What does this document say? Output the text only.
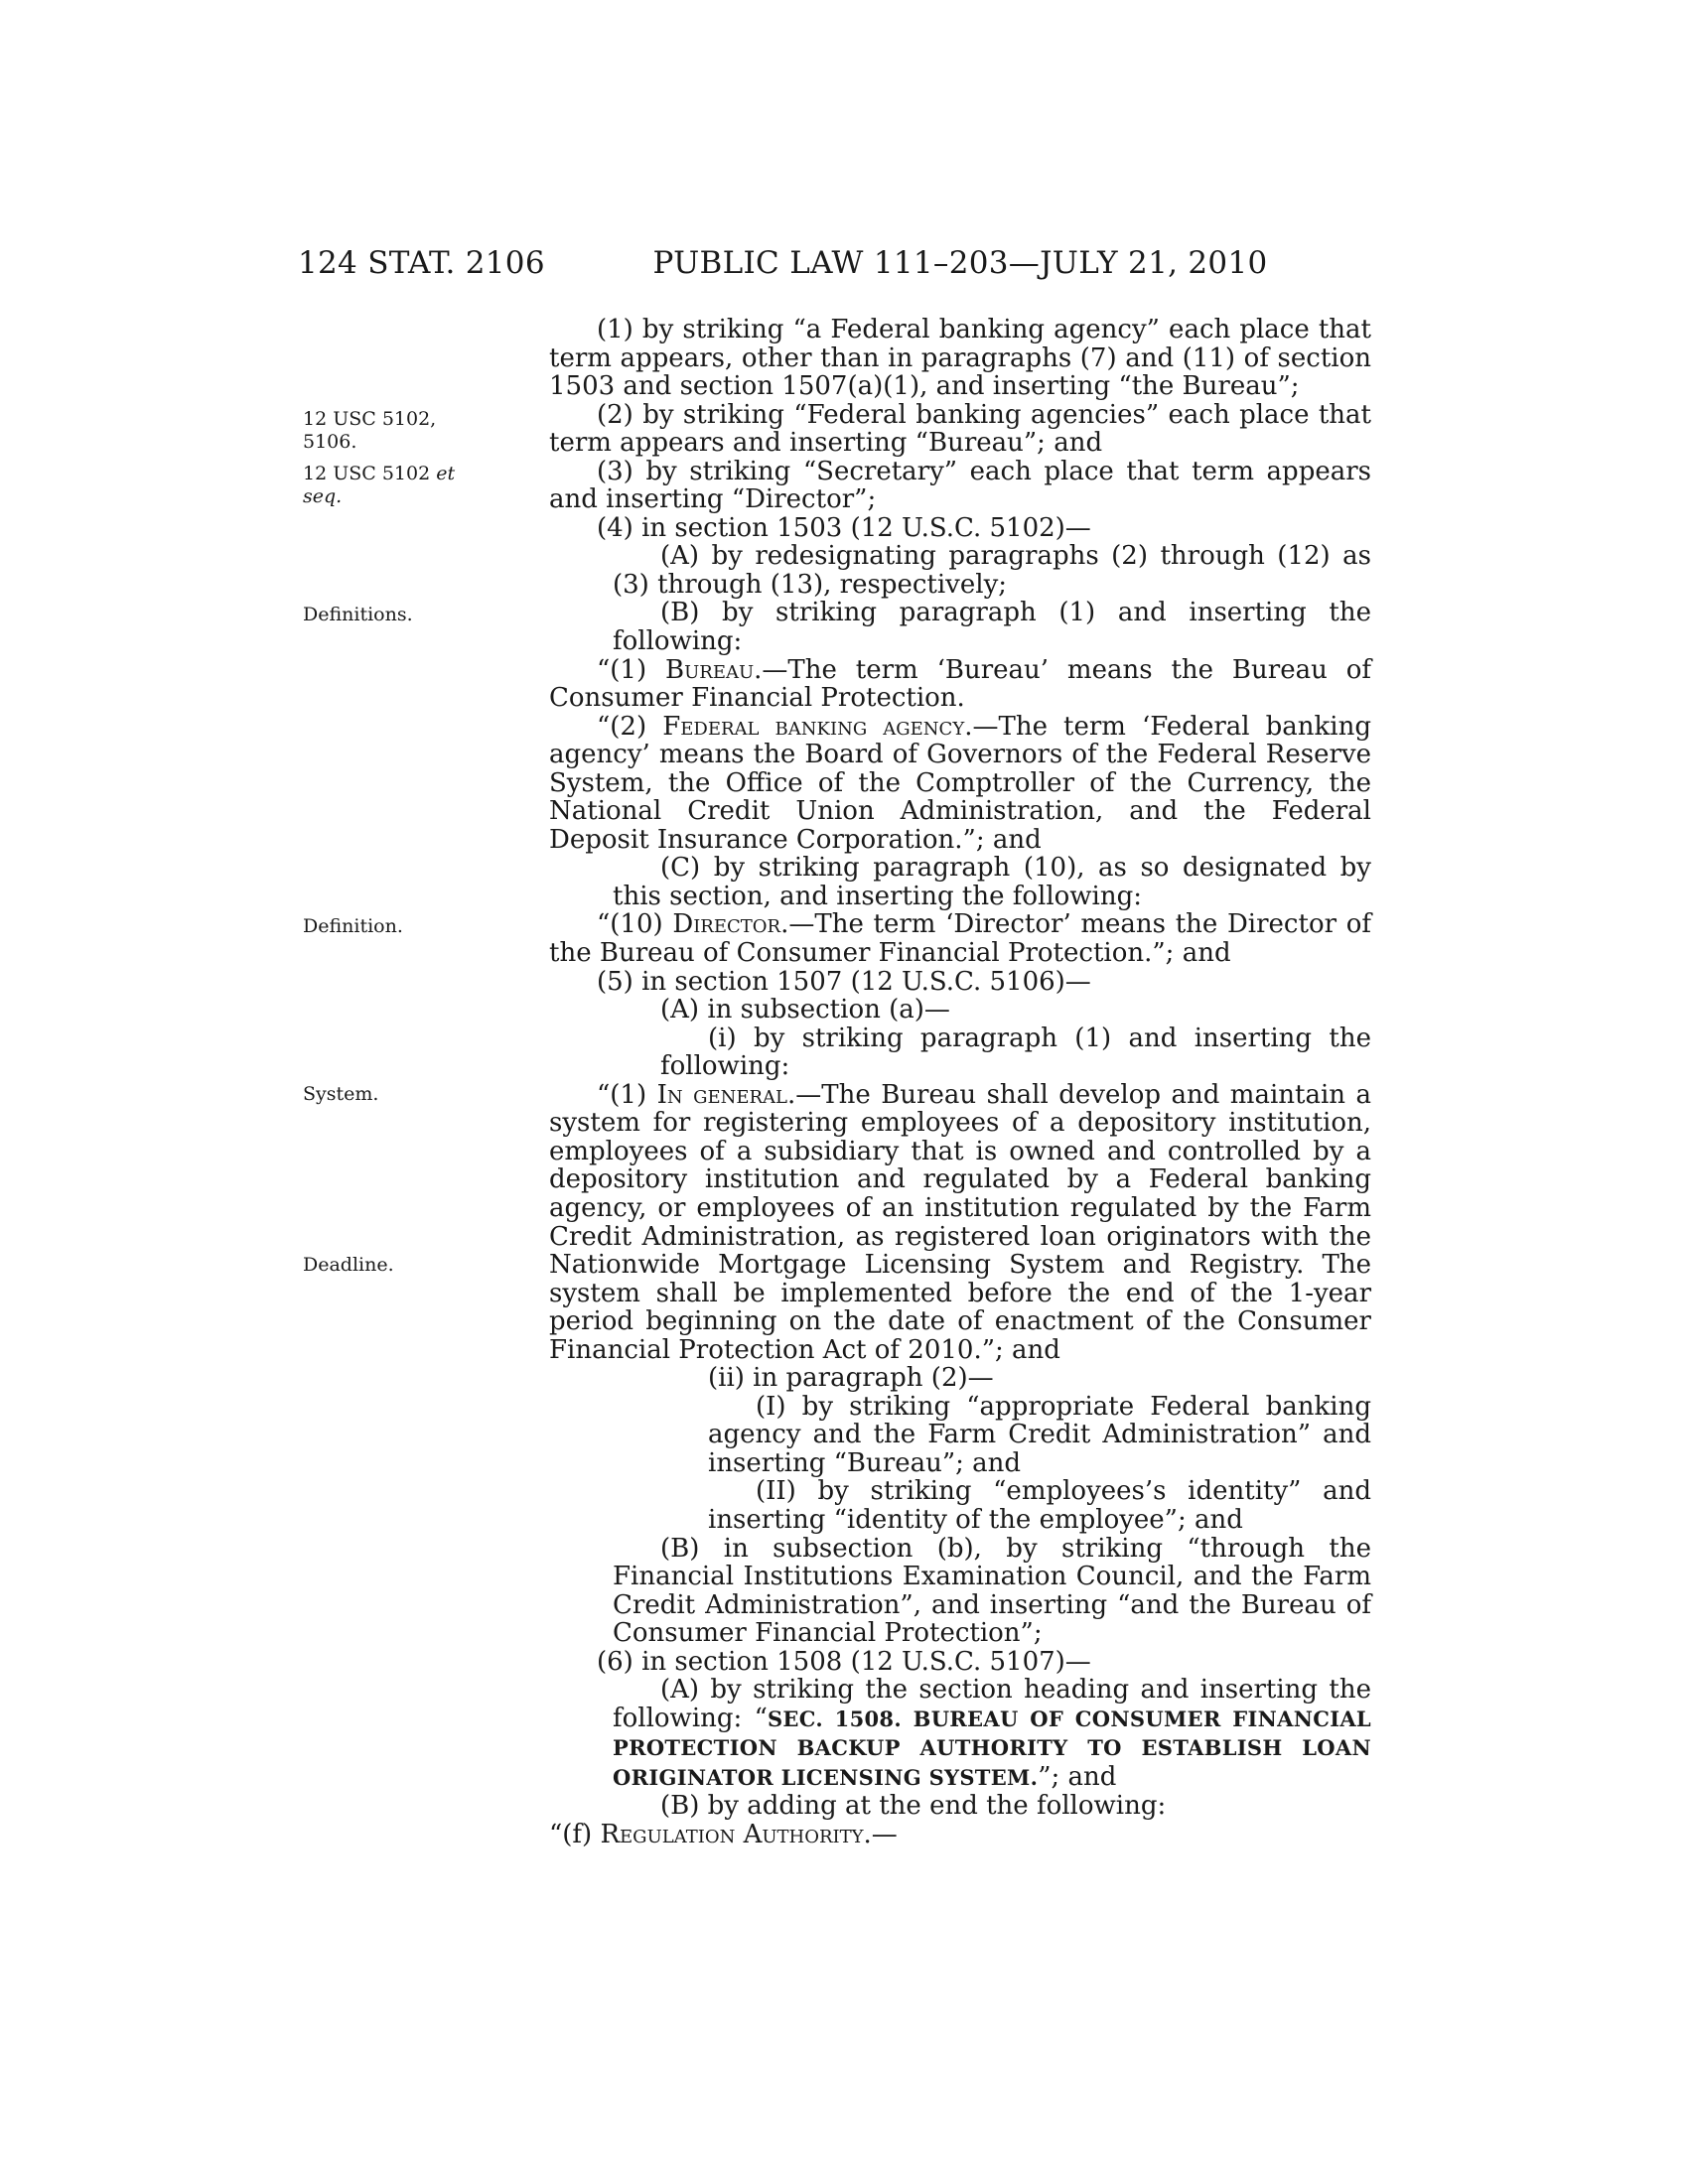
124 STAT. 2106	PUBLIC LAW 111–203—JULY 21, 2010
12 USC 5102, 5106.
12 USC 5102 et seq.
Definitions.
Definition.
System.
Deadline.

(1) by striking “a Federal banking agency” each place that term appears, other than in paragraphs (7) and (11) of section 1503 and section 1507(a)(1), and inserting “the Bureau”;

(2) by striking “Federal banking agencies” each place that term appears and inserting “Bureau”; and

(3) by striking “Secretary” each place that term appears and inserting “Director”;

(4) in section 1503 (12 U.S.C. 5102)—

(A) by redesignating paragraphs (2) through (12) as (3) through (13), respectively;

(B) by striking paragraph (1) and inserting the following:

“(1) Bureau.—The term ‘Bureau’ means the Bureau of Consumer Financial Protection.

“(2) Federal banking agency.—The term ‘Federal banking agency’ means the Board of Governors of the Federal Reserve System, the Office of the Comptroller of the Currency, the National Credit Union Administration, and the Federal Deposit Insurance Corporation.”; and

(C) by striking paragraph (10), as so designated by this section, and inserting the following:

“(10) Director.—The term ‘Director’ means the Director of the Bureau of Consumer Financial Protection.”; and

(5) in section 1507 (12 U.S.C. 5106)—

(A) in subsection (a)—

(i) by striking paragraph (1) and inserting the following:

“(1) In general.—The Bureau shall develop and maintain a system for registering employees of a depository institution, employees of a subsidiary that is owned and controlled by a depository institution and regulated by a Federal banking agency, or employees of an institution regulated by the Farm Credit Administration, as registered loan originators with the Nationwide Mortgage Licensing System and Registry. The system shall be implemented before the end of the 1-year period beginning on the date of enactment of the Consumer Financial Protection Act of 2010.”; and

(ii) in paragraph (2)—

(I) by striking “appropriate Federal banking agency and the Farm Credit Administration” and inserting “Bureau”; and

(II) by striking “employees’s identity” and inserting “identity of the employee”; and

(B) in subsection (b), by striking “through the Financial Institutions Examination Council, and the Farm Credit Administration”, and inserting “and the Bureau of Consumer Financial Protection”;

(6) in section 1508 (12 U.S.C. 5107)—

(A) by striking the section heading and inserting the following: “SEC. 1508. BUREAU OF CONSUMER FINANCIAL PROTECTION BACKUP AUTHORITY TO ESTABLISH LOAN ORIGINATOR LICENSING SYSTEM.”; and

(B) by adding at the end the following:

“(f) Regulation Authority.—
